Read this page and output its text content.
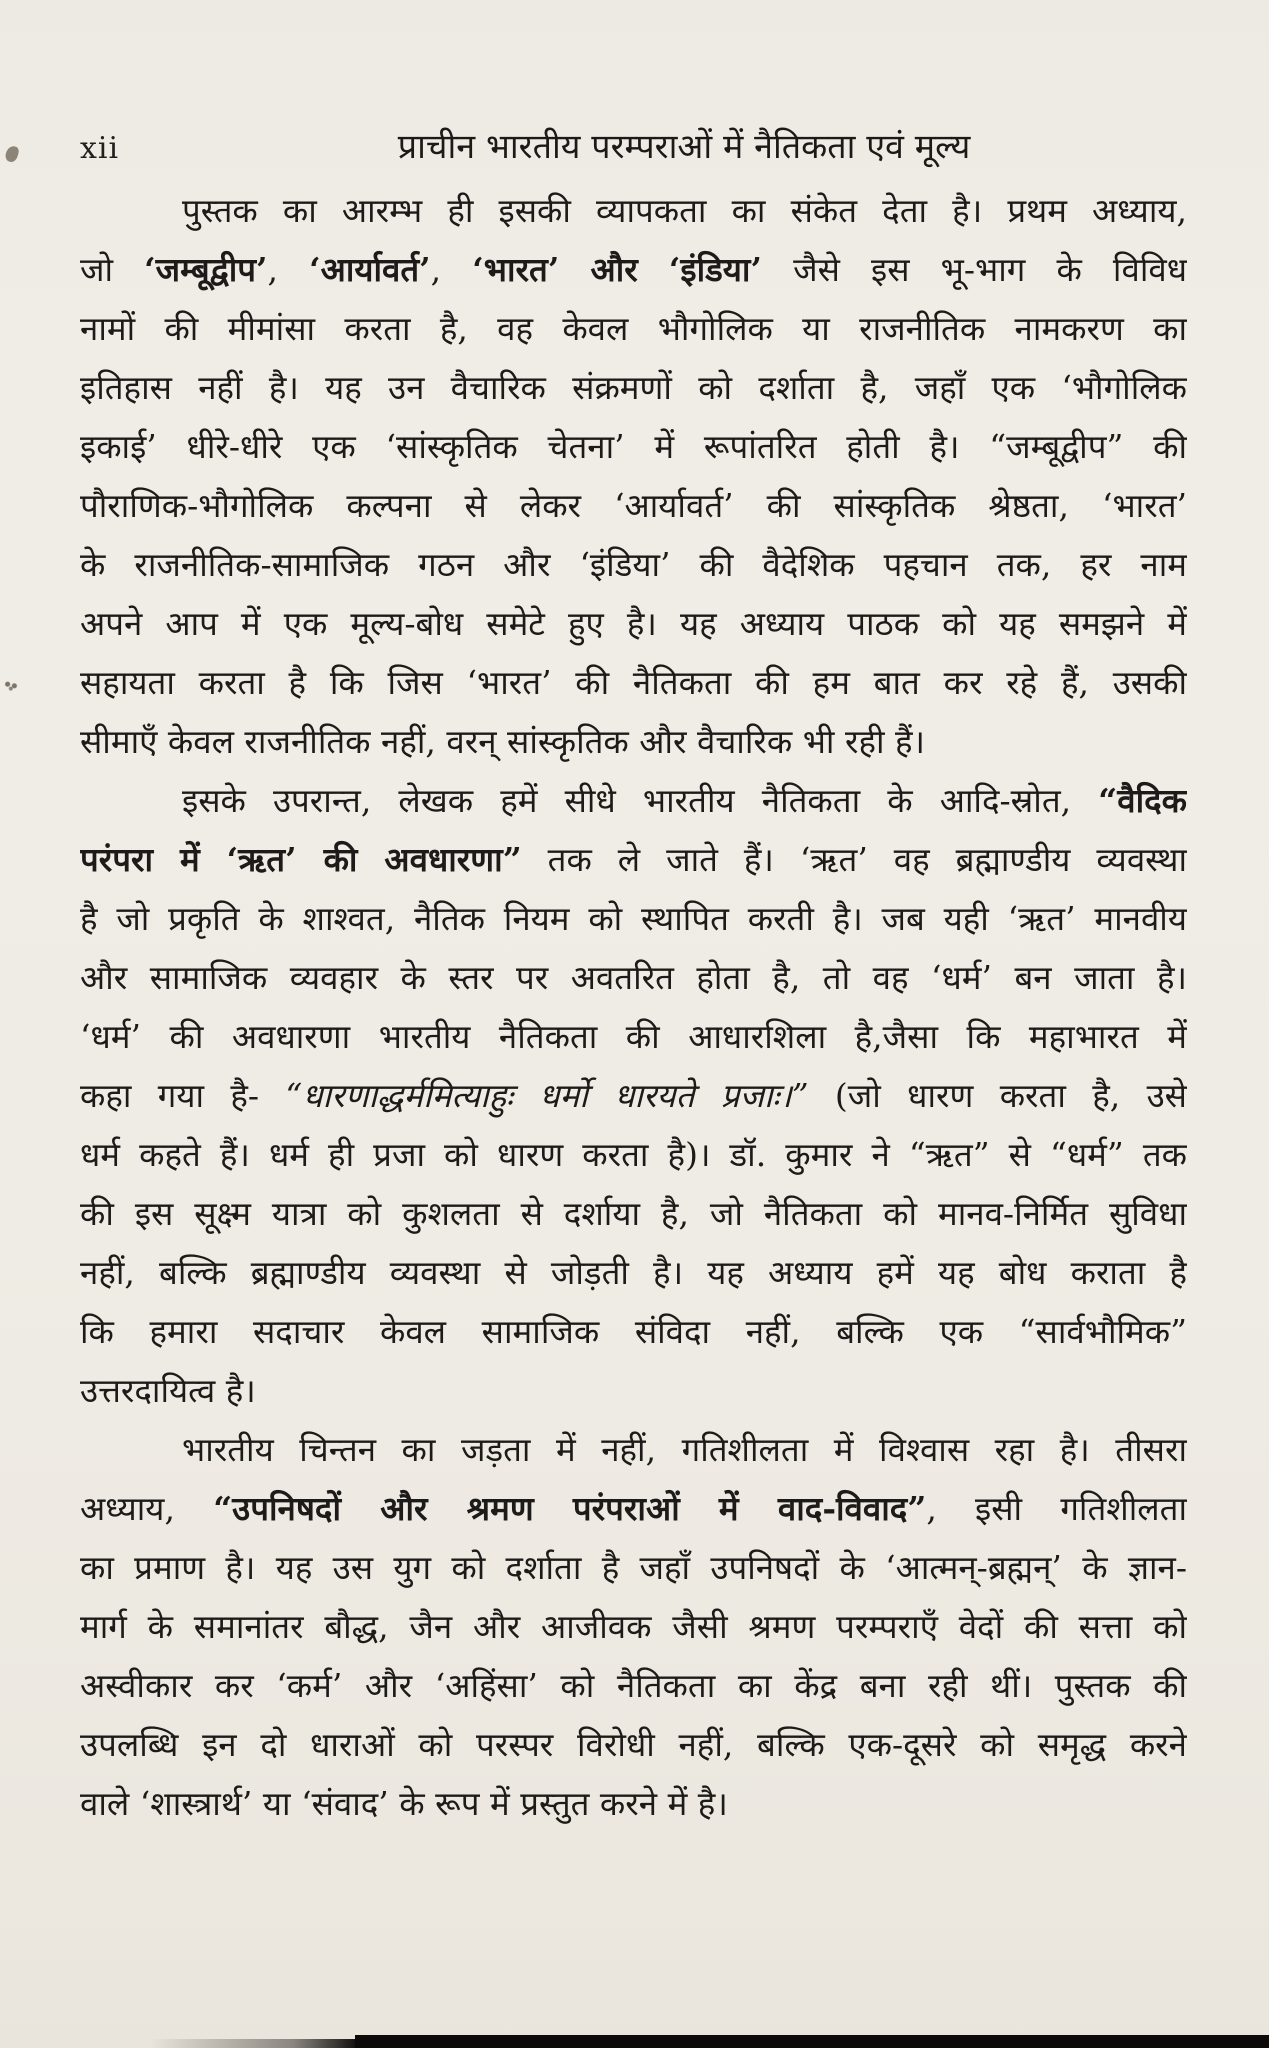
xii	प्राचीन भारतीय परम्पराओं में नैतिकता एवं मूल्य
पुस्तक का आरम्भ ही इसकी व्यापकता का संकेत देता है। प्रथम अध्याय,
जो ‘जम्बूद्वीप’, ‘आर्यावर्त’, ‘भारत’ और ‘इंडिया’ जैसे इस भू-भाग के विविध
नामों की मीमांसा करता है, वह केवल भौगोलिक या राजनीतिक नामकरण का
इतिहास नहीं है। यह उन वैचारिक संक्रमणों को दर्शाता है, जहाँ एक ‘भौगोलिक
इकाई’ धीरे-धीरे एक ‘सांस्कृतिक चेतना’ में रूपांतरित होती है। “जम्बूद्वीप” की
पौराणिक-भौगोलिक कल्पना से लेकर ‘आर्यावर्त’ की सांस्कृतिक श्रेष्ठता, ‘भारत’
के राजनीतिक-सामाजिक गठन और ‘इंडिया’ की वैदेशिक पहचान तक, हर नाम
अपने आप में एक मूल्य-बोध समेटे हुए है। यह अध्याय पाठक को यह समझने में
सहायता करता है कि जिस ‘भारत’ की नैतिकता की हम बात कर रहे हैं, उसकी
सीमाएँ केवल राजनीतिक नहीं, वरन् सांस्कृतिक और वैचारिक भी रही हैं।
इसके उपरान्त, लेखक हमें सीधे भारतीय नैतिकता के आदि-स्रोत, “वैदिक
परंपरा में ‘ऋत’ की अवधारणा” तक ले जाते हैं। ‘ऋत’ वह ब्रह्माण्डीय व्यवस्था
है जो प्रकृति के शाश्वत, नैतिक नियम को स्थापित करती है। जब यही ‘ऋत’ मानवीय
और सामाजिक व्यवहार के स्तर पर अवतरित होता है, तो वह ‘धर्म’ बन जाता है।
‘धर्म’ की अवधारणा भारतीय नैतिकता की आधारशिला है,जैसा कि महाभारत में
कहा गया है- “धारणाद्धर्ममित्याहुः धर्मो धारयते प्रजाः।” (जो धारण करता है, उसे
धर्म कहते हैं। धर्म ही प्रजा को धारण करता है)। डॉ. कुमार ने “ऋत” से “धर्म” तक
की इस सूक्ष्म यात्रा को कुशलता से दर्शाया है, जो नैतिकता को मानव-निर्मित सुविधा
नहीं, बल्कि ब्रह्माण्डीय व्यवस्था से जोड़ती है। यह अध्याय हमें यह बोध कराता है
कि हमारा सदाचार केवल सामाजिक संविदा नहीं, बल्कि एक “सार्वभौमिक”
उत्तरदायित्व है।
भारतीय चिन्तन का जड़ता में नहीं, गतिशीलता में विश्वास रहा है। तीसरा
अध्याय, “उपनिषदों और श्रमण परंपराओं में वाद-विवाद”, इसी गतिशीलता
का प्रमाण है। यह उस युग को दर्शाता है जहाँ उपनिषदों के ‘आत्मन्-ब्रह्मन्’ के ज्ञान-
मार्ग के समानांतर बौद्ध, जैन और आजीवक जैसी श्रमण परम्पराएँ वेदों की सत्ता को
अस्वीकार कर ‘कर्म’ और ‘अहिंसा’ को नैतिकता का केंद्र बना रही थीं। पुस्तक की
उपलब्धि इन दो धाराओं को परस्पर विरोधी नहीं, बल्कि एक-दूसरे को समृद्ध करने
वाले ‘शास्त्रार्थ’ या ‘संवाद’ के रूप में प्रस्तुत करने में है।
